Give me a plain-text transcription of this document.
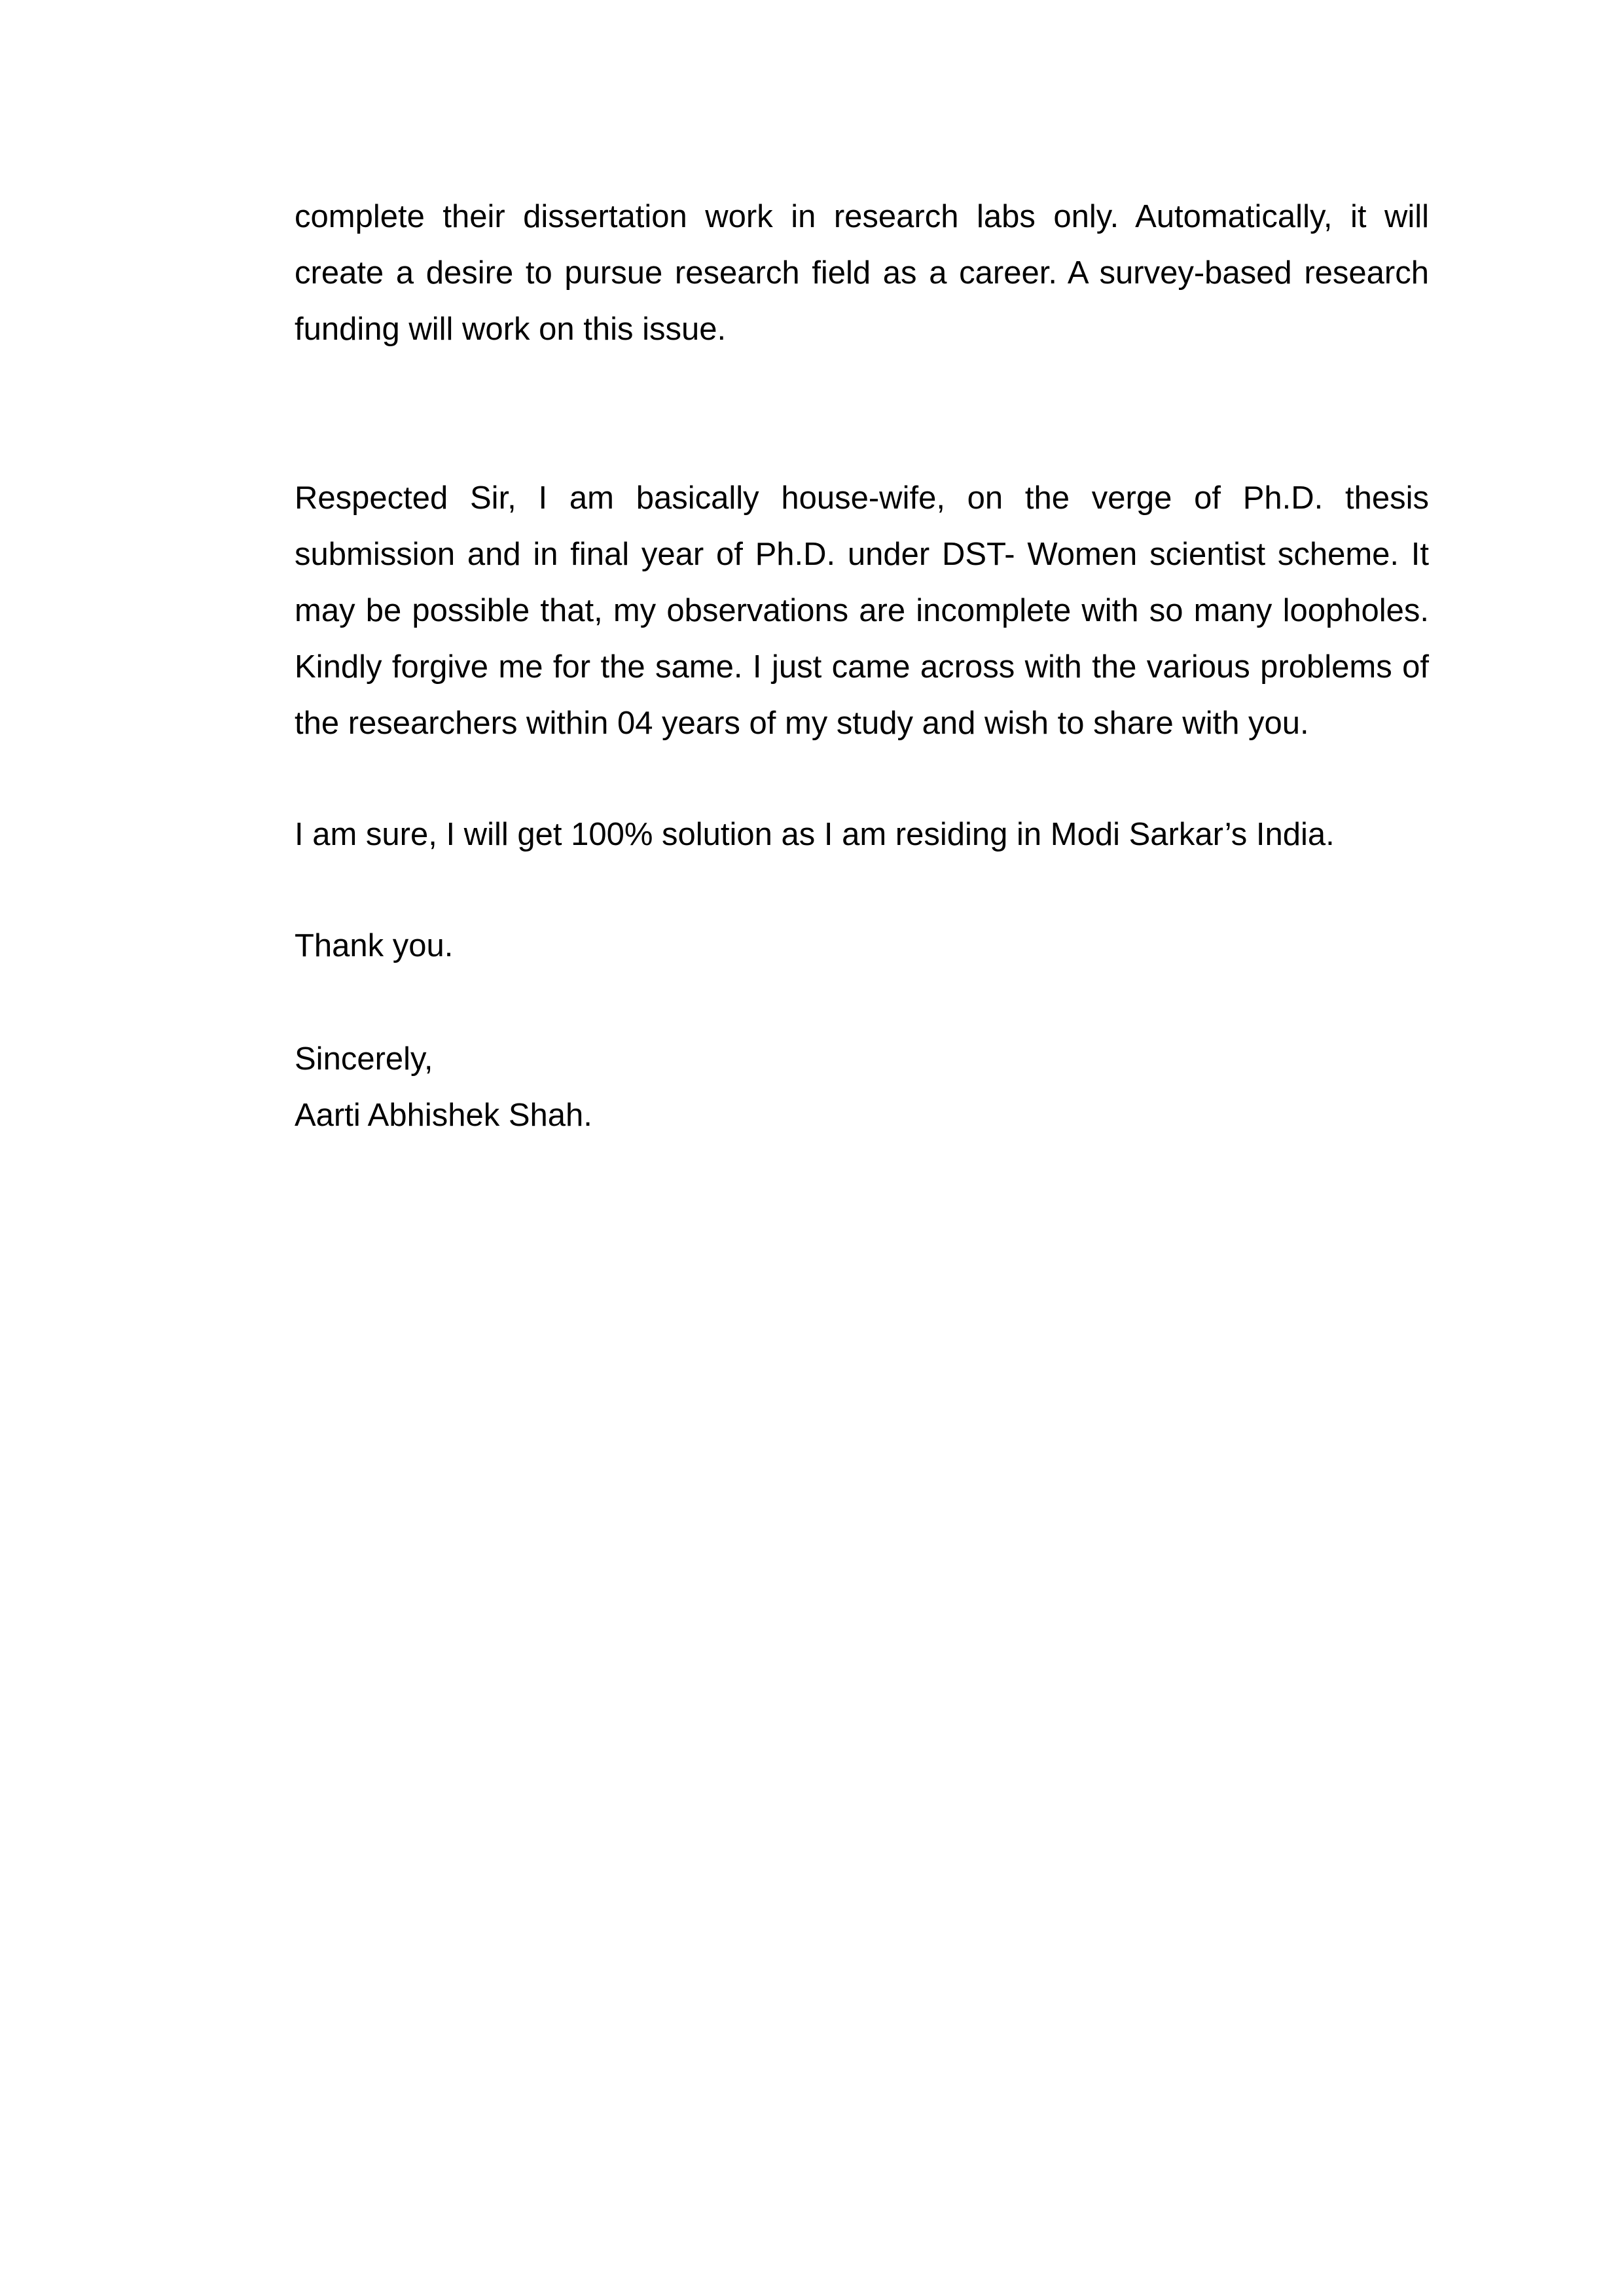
complete their dissertation work in research labs only. Automatically, it will
create a desire to pursue research field as a career. A survey-based research
funding will work on this issue.
Respected Sir, I am basically house-wife, on the verge of Ph.D. thesis
submission and in final year of Ph.D. under DST- Women scientist scheme. It
may be possible that, my observations are incomplete with so many loopholes.
Kindly forgive me for the same. I just came across with the various problems of
the researchers within 04 years of my study and wish to share with you.
I am sure, I will get 100% solution as I am residing in Modi Sarkar’s India.
Thank you.
Sincerely,
Aarti Abhishek Shah.
